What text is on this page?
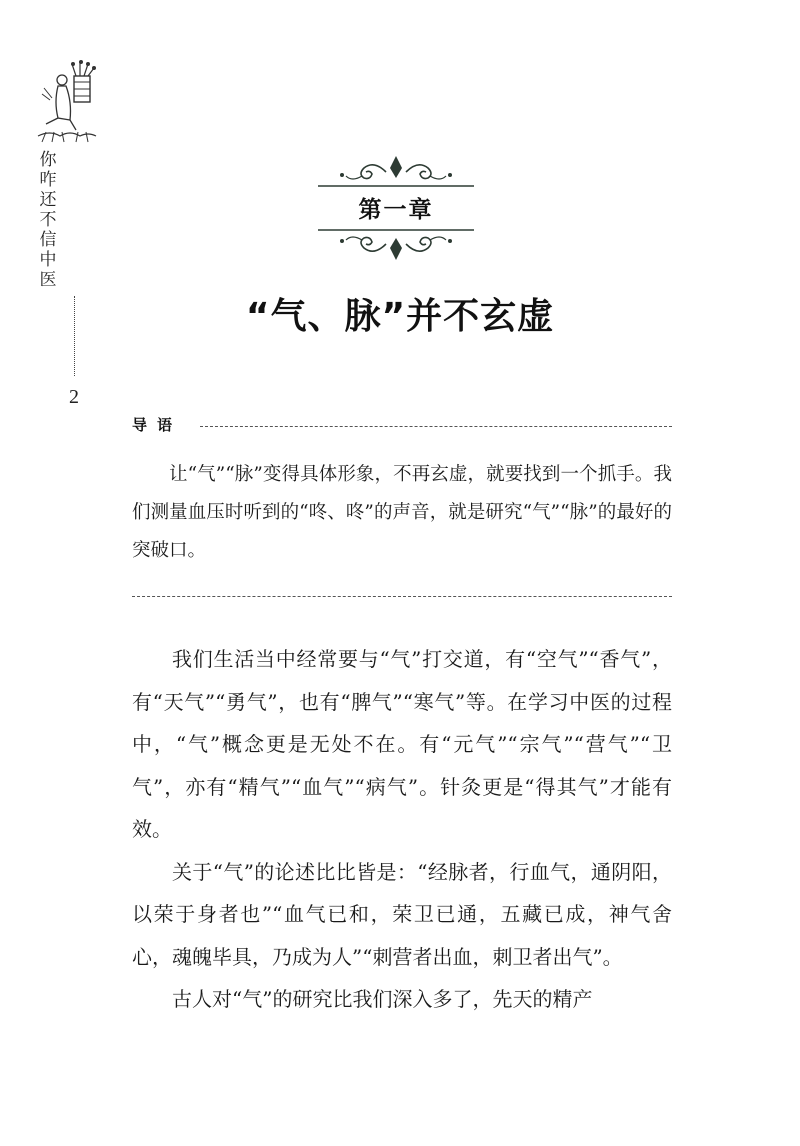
你咋还不信中医
2
第一章
“气、脉”并不玄虚
导语

让“气”“脉”变得具体形象，不再玄虚，就要找到一个抓手。我们测量血压时听到的“咚、咚”的声音，就是研究“气”“脉”的最好的突破口。

我们生活当中经常要与“气”打交道，有“空气”“香气”，有“天气”“勇气”，也有“脾气”“寒气”等。在学习中医的过程中，“气”概念更是无处不在。有“元气”“宗气”“营气”“卫气”，亦有“精气”“血气”“病气”。针灸更是“得其气”才能有效。

关于“气”的论述比比皆是：“经脉者，行血气，通阴阳，以荣于身者也”“血气已和，荣卫已通，五藏已成，神气舍心，魂魄毕具，乃成为人”“刺营者出血，刺卫者出气”。

古人对“气”的研究比我们深入多了，先天的精产
